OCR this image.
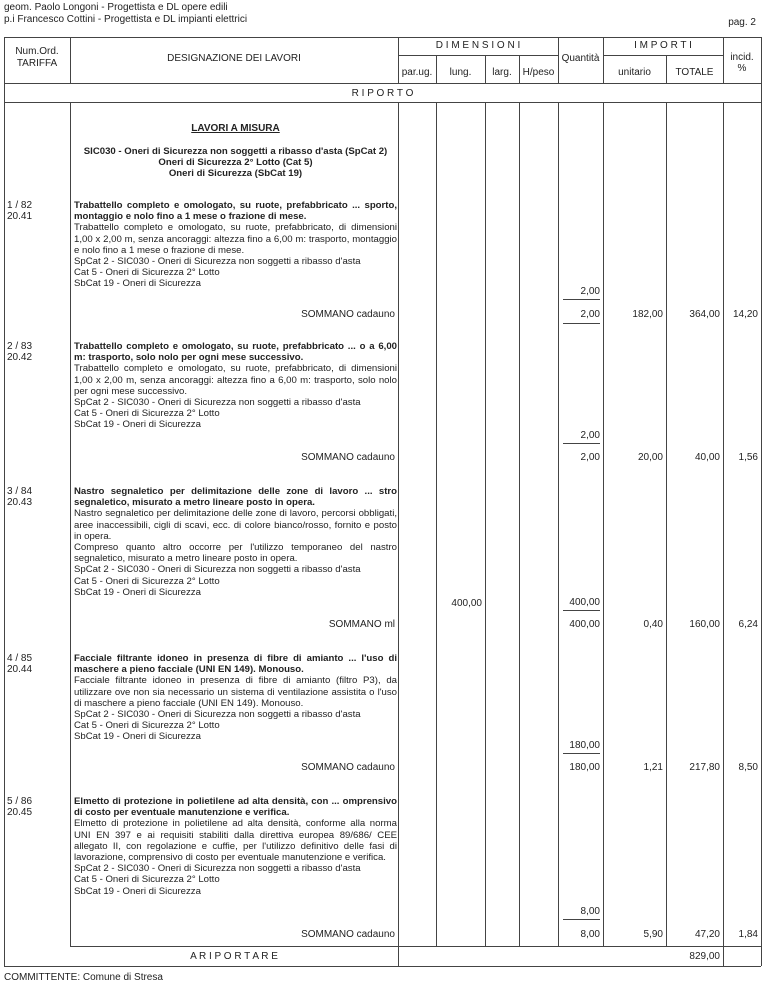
geom. Paolo Longoni - Progettista e DL opere edili
p.i Francesco Cottini - Progettista e DL impianti elettrici	pag. 2
Num.Ord.
TARIFFA	DESIGNAZIONE DEI LAVORI
D I M E N S I O N I
par.ug.	lung.	larg.	H/peso
Quantità
I M P O R T I
unitario	TOTALE
incid.
%
R I P O R T O
LAVORI A MISURA
SIC030 - Oneri di Sicurezza non soggetti a ribasso d'asta (SpCat 2)
Oneri di Sicurezza 2° Lotto (Cat 5)
Oneri di Sicurezza (SbCat 19)
1 / 82
20.41
Trabattello completo e omologato, su ruote, prefabbricato ... sporto, montaggio e nolo fino a 1 mese o frazione di mese.
Trabattello completo e omologato, su ruote, prefabbricato, di dimensioni 1,00 x 2,00 m, senza ancoraggi: altezza fino a 6,00 m: trasporto, montaggio e nolo fino a 1 mese o frazione di mese.
SpCat 2 - SIC030 - Oneri di Sicurezza non soggetti a ribasso d'asta
Cat 5 - Oneri di Sicurezza 2° Lotto
SbCat 19 - Oneri di Sicurezza
2,00
SOMMANO cadauno	2,00	182,00	364,00	14,20
2 / 83
20.42
Trabattello completo e omologato, su ruote, prefabbricato ... o a 6,00 m: trasporto, solo nolo per ogni mese successivo.
Trabattello completo e omologato, su ruote, prefabbricato, di dimensioni 1,00 x 2,00 m, senza ancoraggi: altezza fino a 6,00 m: trasporto, solo nolo per ogni mese successivo.
SpCat 2 - SIC030 - Oneri di Sicurezza non soggetti a ribasso d'asta
Cat 5 - Oneri di Sicurezza 2° Lotto
SbCat 19 - Oneri di Sicurezza
2,00
SOMMANO cadauno	2,00	20,00	40,00	1,56
3 / 84
20.43
Nastro segnaletico per delimitazione delle zone di lavoro ... stro segnaletico, misurato a metro lineare posto in opera.
Nastro segnaletico per delimitazione delle zone di lavoro, percorsi obbligati, aree inaccessibili, cigli di scavi, ecc. di colore bianco/rosso, fornito e posto in opera.
Compreso quanto altro occorre per l'utilizzo temporaneo del nastro segnaletico, misurato a metro lineare posto in opera.
SpCat 2 - SIC030 - Oneri di Sicurezza non soggetti a ribasso d'asta
Cat 5 - Oneri di Sicurezza 2° Lotto
SbCat 19 - Oneri di Sicurezza
400,00	400,00
SOMMANO ml	400,00	0,40	160,00	6,24
4 / 85
20.44
Facciale filtrante idoneo in presenza di fibre di amianto ... l'uso di maschere a pieno facciale (UNI EN 149). Monouso.
Facciale filtrante idoneo in presenza di fibre di amianto (filtro P3), da utilizzare ove non sia necessario un sistema di ventilazione assistita o l'uso di maschere a pieno facciale (UNI EN 149). Monouso.
SpCat 2 - SIC030 - Oneri di Sicurezza non soggetti a ribasso d'asta
Cat 5 - Oneri di Sicurezza 2° Lotto
SbCat 19 - Oneri di Sicurezza
180,00
SOMMANO cadauno	180,00	1,21	217,80	8,50
5 / 86
20.45
Elmetto di protezione in polietilene ad alta densità, con ... omprensivo di costo per eventuale manutenzione e verifica.
Elmetto di protezione in polietilene ad alta densità, conforme alla norma UNI EN 397 e ai requisiti stabiliti dalla direttiva europea 89/686/ CEE allegato II, con regolazione e cuffie, per l'utilizzo definitivo delle fasi di lavorazione, comprensivo di costo per eventuale manutenzione e verifica.
SpCat 2 - SIC030 - Oneri di Sicurezza non soggetti a ribasso d'asta
Cat 5 - Oneri di Sicurezza 2° Lotto
SbCat 19 - Oneri di Sicurezza
8,00
SOMMANO cadauno	8,00	5,90	47,20	1,84
A R I P O R T A R E	829,00
COMMITTENTE: Comune di Stresa
